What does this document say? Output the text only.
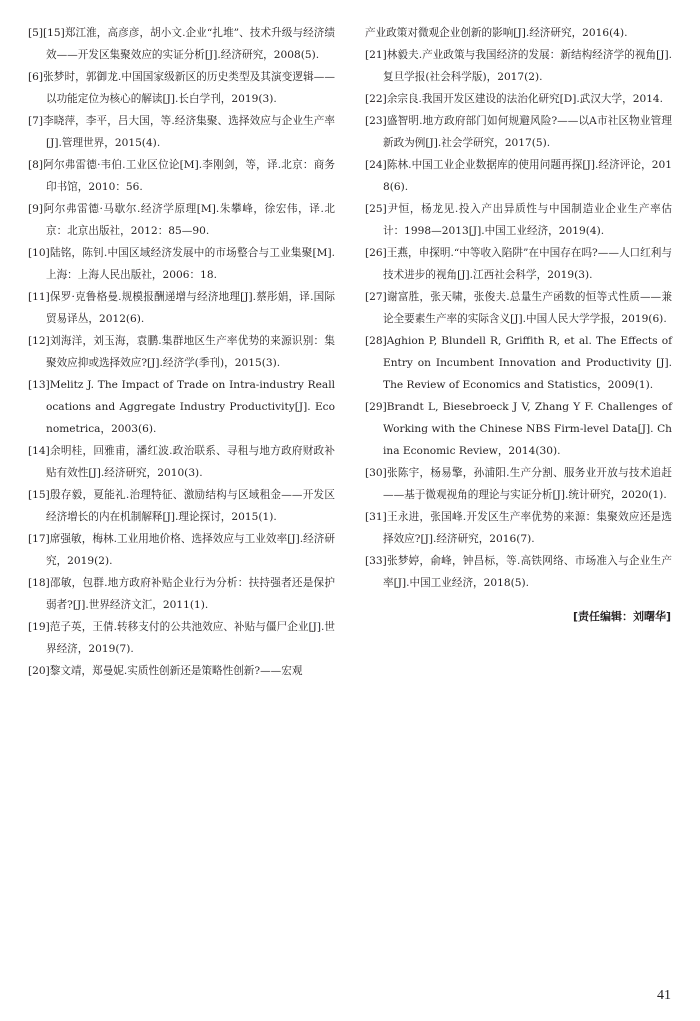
[5][15]郑江淮，高彦彦，胡小文.企业“扎堆”、技术升级与经济绩效——开发区集聚效应的实证分析[J].经济研究，2008(5).

[6]张梦时，郭御龙.中国国家级新区的历史类型及其演变逻辑——以功能定位为核心的解读[J].长白学刊，2019(3).

[7]李晓萍，李平，吕大国，等.经济集聚、选择效应与企业生产率[J].管理世界，2015(4).

[8]阿尔弗雷德·韦伯.工业区位论[M].李刚剑，等，译.北京：商务印书馆，2010：56.

[9]阿尔弗雷德·马歇尔.经济学原理[M].朱攀峰，徐宏伟，译.北京：北京出版社，2012：85—90.

[10]陆铭，陈钊.中国区域经济发展中的市场整合与工业集聚[M].上海：上海人民出版社，2006：18.

[11]保罗·克鲁格曼.规模报酬递增与经济地理[J].蔡彤娟，译.国际贸易译丛，2012(6).

[12]刘海洋，刘玉海，袁鹏.集群地区生产率优势的来源识别：集聚效应抑或选择效应?[J].经济学(季刊)，2015(3).

[13]Melitz J. The Impact of Trade on Intra-industry Reallocations and Aggregate Industry Productivity[J]. Econometrica，2003(6).

[14]余明桂，回雅甫，潘红波.政治联系、寻租与地方政府财政补贴有效性[J].经济研究，2010(3).

[15]殷存毅，夏能礼.治理特征、激励结构与区域租金——开发区经济增长的内在机制解释[J].理论探讨，2015(1).

[17]席强敏，梅林.工业用地价格、选择效应与工业效率[J].经济研究，2019(2).

[18]邵敏，包群.地方政府补贴企业行为分析：扶持强者还是保护弱者?[J].世界经济文汇，2011(1).

[19]范子英，王倩.转移支付的公共池效应、补贴与僵尸企业[J].世界经济，2019(7).

[20]黎文靖，郑曼妮.实质性创新还是策略性创新?——宏观

产业政策对微观企业创新的影响[J].经济研究，2016(4).

[21]林毅夫.产业政策与我国经济的发展：新结构经济学的视角[J].复旦学报(社会科学版)，2017(2).

[22]余宗良.我国开发区建设的法治化研究[D].武汉大学，2014.

[23]盛智明.地方政府部门如何规避风险?——以A市社区物业管理新政为例[J].社会学研究，2017(5).

[24]陈林.中国工业企业数据库的使用问题再探[J].经济评论，2018(6).

[25]尹恒，杨龙见.投入产出异质性与中国制造业企业生产率估计：1998—2013[J].中国工业经济，2019(4).

[26]王燕，申探明.“中等收入陷阱”在中国存在吗?——人口红利与技术进步的视角[J].江西社会科学，2019(3).

[27]谢富胜，张天啸，张俊夫.总量生产函数的恒等式性质——兼论全要素生产率的实际含义[J].中国人民大学学报，2019(6).

[28]Aghion P, Blundell R, Griffith R, et al. The Effects of Entry on Incumbent Innovation and Productivity [J]. The Review of Economics and Statistics，2009(1).

[29]Brandt L, Biesebroeck J V, Zhang Y F. Challenges of Working with the Chinese NBS Firm-level Data[J]. China Economic Review，2014(30).

[30]张陈宇，杨易擎，孙浦阳.生产分割、服务业开放与技术追赶——基于微观视角的理论与实证分析[J].统计研究，2020(1).

[31]王永进，张国峰.开发区生产率优势的来源：集聚效应还是选择效应?[J].经济研究，2016(7).

[33]张梦婷，俞峰，钟昌标，等.高铁网络、市场准入与企业生产率[J].中国工业经济，2018(5).

[责任编辑：刘曙华]
41
